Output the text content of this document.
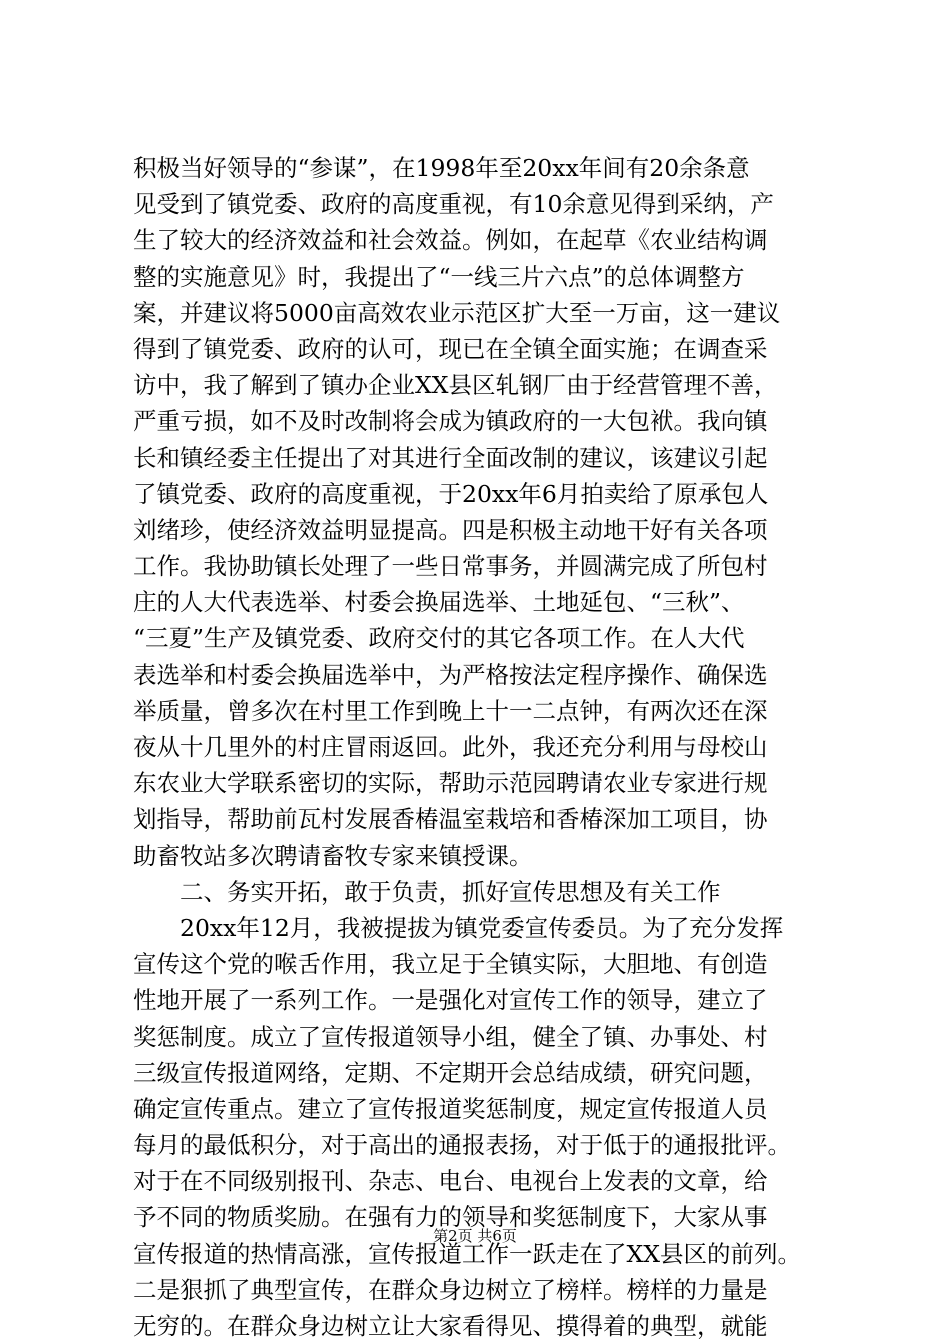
积极当好领导的“参谋”，在1998年至20xx年间有20余条意
见受到了镇党委、政府的高度重视，有10余意见得到采纳，产
生了较大的经济效益和社会效益。例如，在起草《农业结构调
整的实施意见》时，我提出了“一线三片六点”的总体调整方
案，并建议将5000亩高效农业示范区扩大至一万亩，这一建议
得到了镇党委、政府的认可，现已在全镇全面实施；在调查采
访中，我了解到了镇办企业XX县区轧钢厂由于经营管理不善，
严重亏损，如不及时改制将会成为镇政府的一大包袱。我向镇
长和镇经委主任提出了对其进行全面改制的建议，该建议引起
了镇党委、政府的高度重视，于20xx年6月拍卖给了原承包人
刘绪珍，使经济效益明显提高。四是积极主动地干好有关各项
工作。我协助镇长处理了一些日常事务，并圆满完成了所包村
庄的人大代表选举、村委会换届选举、土地延包、“三秋”、
“三夏”生产及镇党委、政府交付的其它各项工作。在人大代
表选举和村委会换届选举中，为严格按法定程序操作、确保选
举质量，曾多次在村里工作到晚上十一二点钟，有两次还在深
夜从十几里外的村庄冒雨返回。此外，我还充分利用与母校山
东农业大学联系密切的实际，帮助示范园聘请农业专家进行规
划指导，帮助前瓦村发展香椿温室栽培和香椿深加工项目，协
助畜牧站多次聘请畜牧专家来镇授课。
　　二、务实开拓，敢于负责，抓好宣传思想及有关工作
　　20xx年12月，我被提拔为镇党委宣传委员。为了充分发挥
宣传这个党的喉舌作用，我立足于全镇实际，大胆地、有创造
性地开展了一系列工作。一是强化对宣传工作的领导，建立了
奖惩制度。成立了宣传报道领导小组，健全了镇、办事处、村
三级宣传报道网络，定期、不定期开会总结成绩，研究问题，
确定宣传重点。建立了宣传报道奖惩制度，规定宣传报道人员
每月的最低积分，对于高出的通报表扬，对于低于的通报批评。
对于在不同级别报刊、杂志、电台、电视台上发表的文章，给
予不同的物质奖励。在强有力的领导和奖惩制度下，大家从事
宣传报道的热情高涨，宣传报道工作一跃走在了XX县区的前列。
二是狠抓了典型宣传，在群众身边树立了榜样。榜样的力量是
无穷的。在群众身边树立让大家看得见、摸得着的典型，就能
第2页 共6页
